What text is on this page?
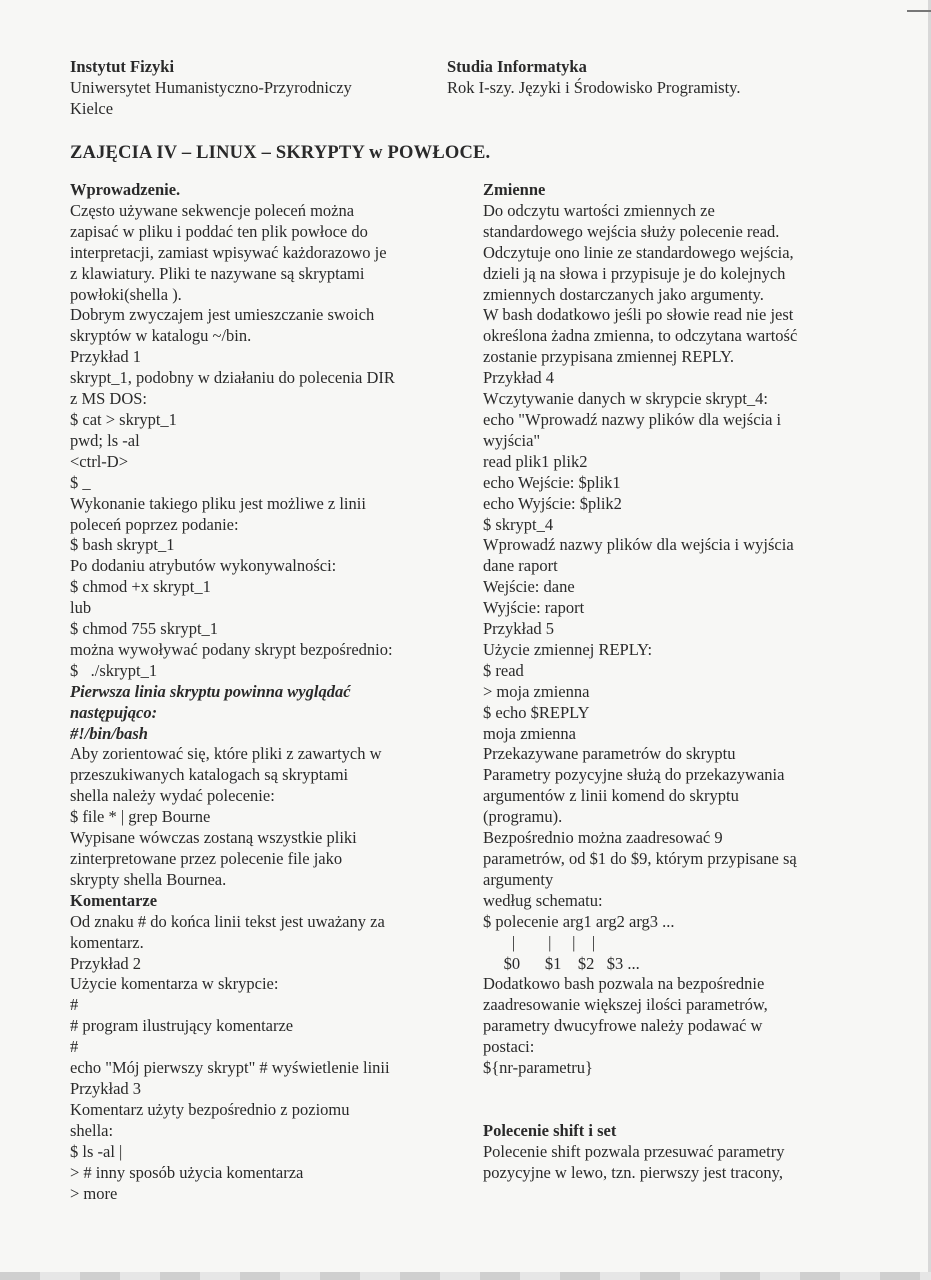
Instytut Fizyki
Uniwersytet Humanistyczno-Przyrodniczy
Kielce
Studia Informatyka
Rok I-szy. Języki i Środowisko Programisty.
ZAJĘCIA IV – LINUX – SKRYPTY w POWŁOCE.
Wprowadzenie.
Często używane sekwencje poleceń można
zapisać w pliku i poddać ten plik powłoce do
interpretacji, zamiast wpisywać każdorazowo je
z klawiatury. Pliki te nazywane są skryptami
powłoki(shella ).
Dobrym zwyczajem jest umieszczanie swoich
skryptów w katalogu ~/bin.
Przykład 1
skrypt_1, podobny w działaniu do polecenia DIR
z MS DOS:
$ cat > skrypt_1
pwd; ls -al
<ctrl-D>
$ _
Wykonanie takiego pliku jest możliwe z linii
poleceń poprzez podanie:
$ bash skrypt_1
Po dodaniu atrybutów wykonywalności:
$ chmod +x skrypt_1
lub
$ chmod 755 skrypt_1
można wywoływać podany skrypt bezpośrednio:
$   ./skrypt_1
Pierwsza linia skryptu powinna wyglądać
następująco:
#!/bin/bash
Aby zorientować się, które pliki z zawartych w
przeszukiwanych katalogach są skryptami
shella należy wydać polecenie:
$ file * | grep Bourne
Wypisane wówczas zostaną wszystkie pliki
zinterpretowane przez polecenie file jako
skrypty shella Bournea.
Komentarze
Od znaku # do końca linii tekst jest uważany za
komentarz.
Przykład 2
Użycie komentarza w skrypcie:
#
# program ilustrujący komentarze
#
echo "Mój pierwszy skrypt" # wyświetlenie linii
Przykład 3
Komentarz użyty bezpośrednio z poziomu
shella:
$ ls -al |
> # inny sposób użycia komentarza
> more
Zmienne
Do odczytu wartości zmiennych ze
standardowego wejścia służy polecenie read.
Odczytuje ono linie ze standardowego wejścia,
dzieli ją na słowa i przypisuje je do kolejnych
zmiennych dostarczanych jako argumenty.
W bash dodatkowo jeśli po słowie read nie jest
określona żadna zmienna, to odczytana wartość
zostanie przypisana zmiennej REPLY.
Przykład 4
Wczytywanie danych w skrypcie skrypt_4:
echo "Wprowadź nazwy plików dla wejścia i
wyjścia"
read plik1 plik2
echo Wejście: $plik1
echo Wyjście: $plik2
$ skrypt_4
Wprowadź nazwy plików dla wejścia i wyjścia
dane raport
Wejście: dane
Wyjście: raport
Przykład 5
Użycie zmiennej REPLY:
$ read
> moja zmienna
$ echo $REPLY
moja zmienna
Przekazywane parametrów do skryptu
Parametry pozycyjne służą do przekazywania
argumentów z linii komend do skryptu
(programu).
Bezpośrednio można zaadresować 9
parametrów, od $1 do $9, którym przypisane są
argumenty
według schematu:
$ polecenie arg1 arg2 arg3 ...
|        |     |    |
$0      $1    $2   $3 ...
Dodatkowo bash pozwala na bezpośrednie
zaadresowanie większej ilości parametrów,
parametry dwucyfrowe należy podawać w
postaci:
${nr-parametru}
Polecenie shift i set
Polecenie shift pozwala przesuwać parametry
pozycyjne w lewo, tzn. pierwszy jest tracony,
